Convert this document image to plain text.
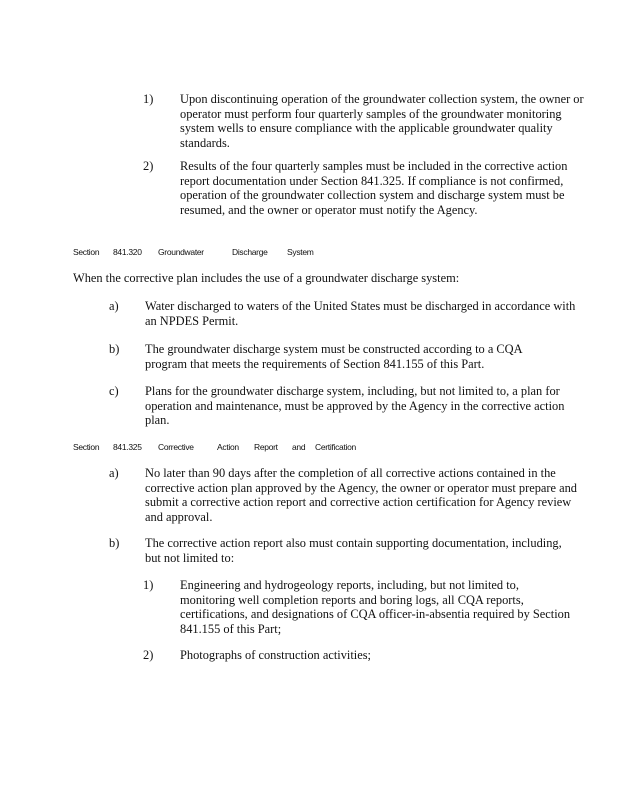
1) Upon discontinuing operation of the groundwater collection system, the owner or operator must perform four quarterly samples of the groundwater monitoring system wells to ensure compliance with the applicable groundwater quality standards.
2) Results of the four quarterly samples must be included in the corrective action report documentation under Section 841.325. If compliance is not confirmed, operation of the groundwater collection system and discharge system must be resumed, and the owner or operator must notify the Agency.
Section 841.320 Groundwater	Discharge System
When the corrective plan includes the use of a groundwater discharge system:
a) Water discharged to waters of the United States must be discharged in accordance with an NPDES Permit.
b) The groundwater discharge system must be constructed according to a CQA program that meets the requirements of Section 841.155 of this Part.
c) Plans for the groundwater discharge system, including, but not limited to, a plan for operation and maintenance, must be approved by the Agency in the corrective action plan.
Section 841.325 Corrective	Action Report and Certification
a) No later than 90 days after the completion of all corrective actions contained in the corrective action plan approved by the Agency, the owner or operator must prepare and submit a corrective action report and corrective action certification for Agency review and approval.
b) The corrective action report also must contain supporting documentation, including, but not limited to:
1) Engineering and hydrogeology reports, including, but not limited to, monitoring well completion reports and boring logs, all CQA reports, certifications, and designations of CQA officer-in-absentia required by Section 841.155 of this Part;
2) Photographs of construction activities;
